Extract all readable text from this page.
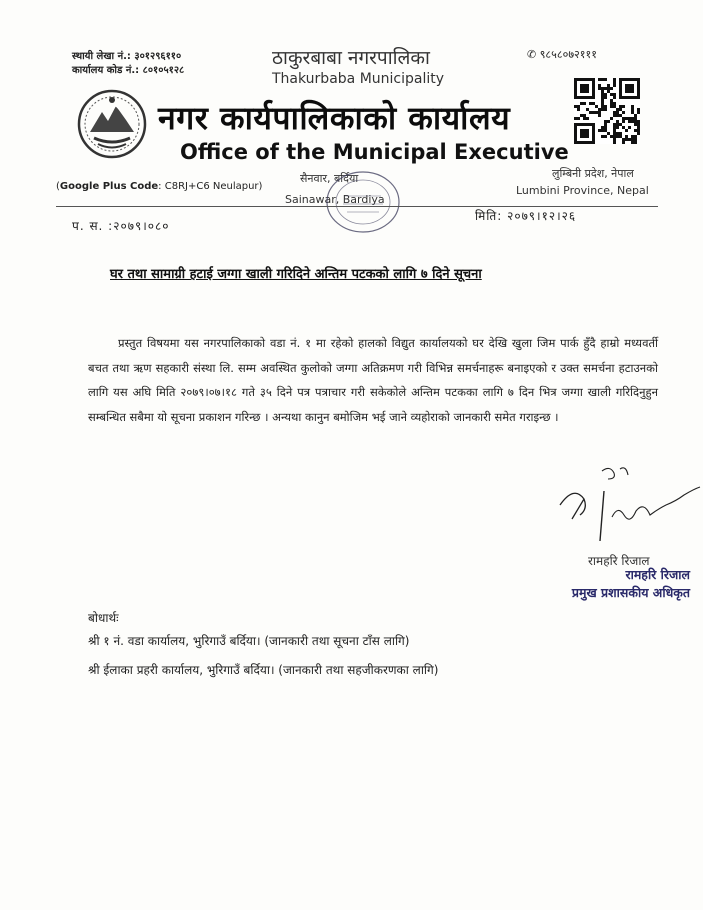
स्थायी लेखा नं.: ३०१२९६११०
कार्यालय कोड नं.: ८०१०५१२८
✆ ९८५८०७२१११
ठाकुरबाबा नगरपालिका
Thakurbaba Municipality
नगर कार्यपालिकाको कार्यालय
Office of the Municipal Executive
(Google Plus Code: C8RJ+C6 Neulapur)
सैनवार, बर्दिया
Sainawar, Bardiya
लुम्बिनी प्रदेश, नेपाल
Lumbini Province, Nepal
प. स. :२०७९।०८०
मिति: २०७९।१२।२६
घर तथा सामाग्री हटाई जग्गा खाली गरिदिने अन्तिम पटकको लागि ७ दिने सूचना

प्रस्तुत विषयमा यस नगरपालिकाको वडा नं. १ मा रहेको हालको विद्युत कार्यालयको घर देखि खुला जिम पार्क हुँदै हाम्रो मध्यवर्ती बचत तथा ऋण सहकारी संस्था लि. सम्म अवस्थित कुलोको जग्गा अतिक्रमण गरी विभिन्न समर्चनाहरू बनाइएको र उक्त समर्चना हटाउनको लागि यस अघि मिति २०७९।०७।१८ गते ३५ दिने पत्र पत्राचार गरी सकेकोले अन्तिम पटकका लागि ७ दिन भित्र जग्गा खाली गरिदिनुहुन सम्बन्धित सबैमा यो सूचना प्रकाशन गरिन्छ । अन्यथा कानुन बमोजिम भई जाने व्यहोराको जानकारी समेत गराइन्छ ।

रामहरि रिजाल
रामहरि रिजाल
प्रमुख प्रशासकीय अधिकृत
बोधार्थः
श्री १ नं. वडा कार्यालय, भुरिगाउँ बर्दिया। (जानकारी तथा सूचना टाँस लागि)
श्री ईलाका प्रहरी कार्यालय, भुरिगाउँ बर्दिया। (जानकारी तथा सहजीकरणका लागि)
